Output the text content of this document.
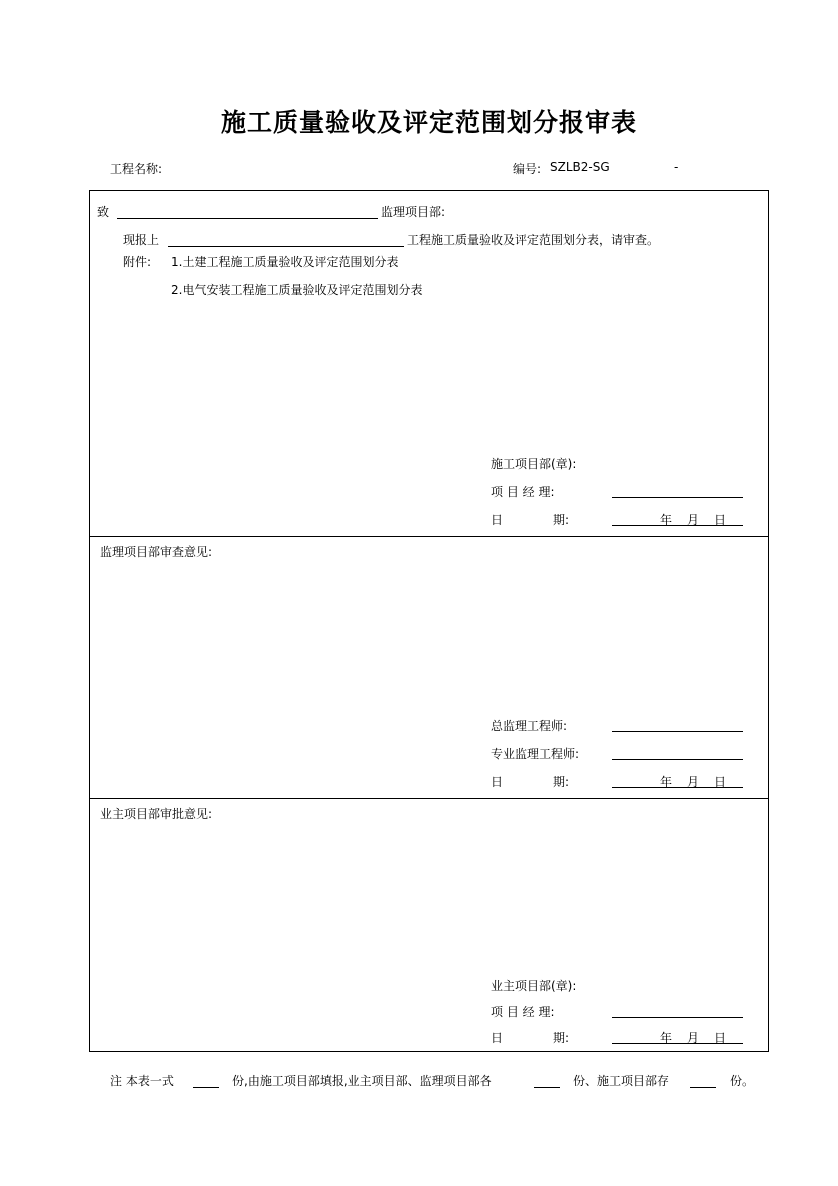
施工质量验收及评定范围划分报审表
工程名称:	编号: SZLB2-SG	-
致	监理项目部:
现报上	工程施工质量验收及评定范围划分表，请审查。
附件: 1.土建工程施工质量验收及评定范围划分表
2.电气安装工程施工质量验收及评定范围划分表
施工项目部(章):
项 目 经 理:
日	期:	年 月 日
监理项目部审查意见:
总监理工程师:
专业监理工程师:
日	期:	年 月 日
业主项目部审批意见:
业主项目部(章):
项 目 经 理:
日	期:	年 月 日
注 本表一式	份,由施工项目部填报,业主项目部、监理项目部各	份、施工项目部存	份。
